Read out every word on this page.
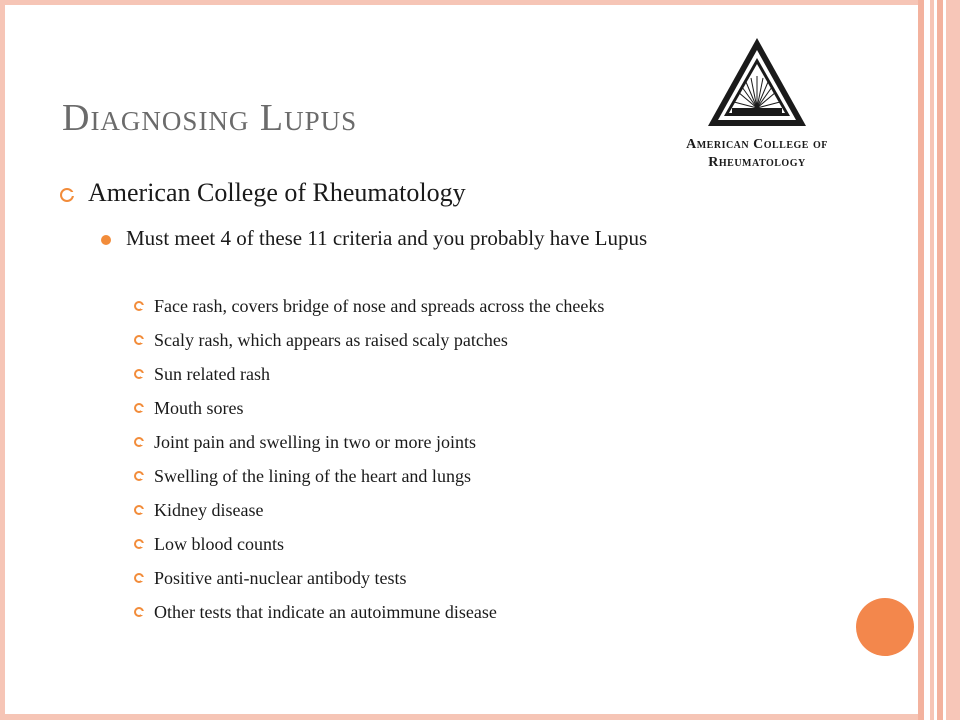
Diagnosing Lupus
American College of
Rheumatology
American College of Rheumatology
Must meet 4 of these 11 criteria and you probably have Lupus
Face rash, covers bridge of nose and spreads across the cheeks
Scaly rash, which appears as raised scaly patches
Sun related rash
Mouth sores
Joint pain and swelling in two or more joints
Swelling of the lining of the heart and lungs
Kidney disease
Low blood counts
Positive anti-nuclear antibody tests
Other tests that indicate an autoimmune disease
